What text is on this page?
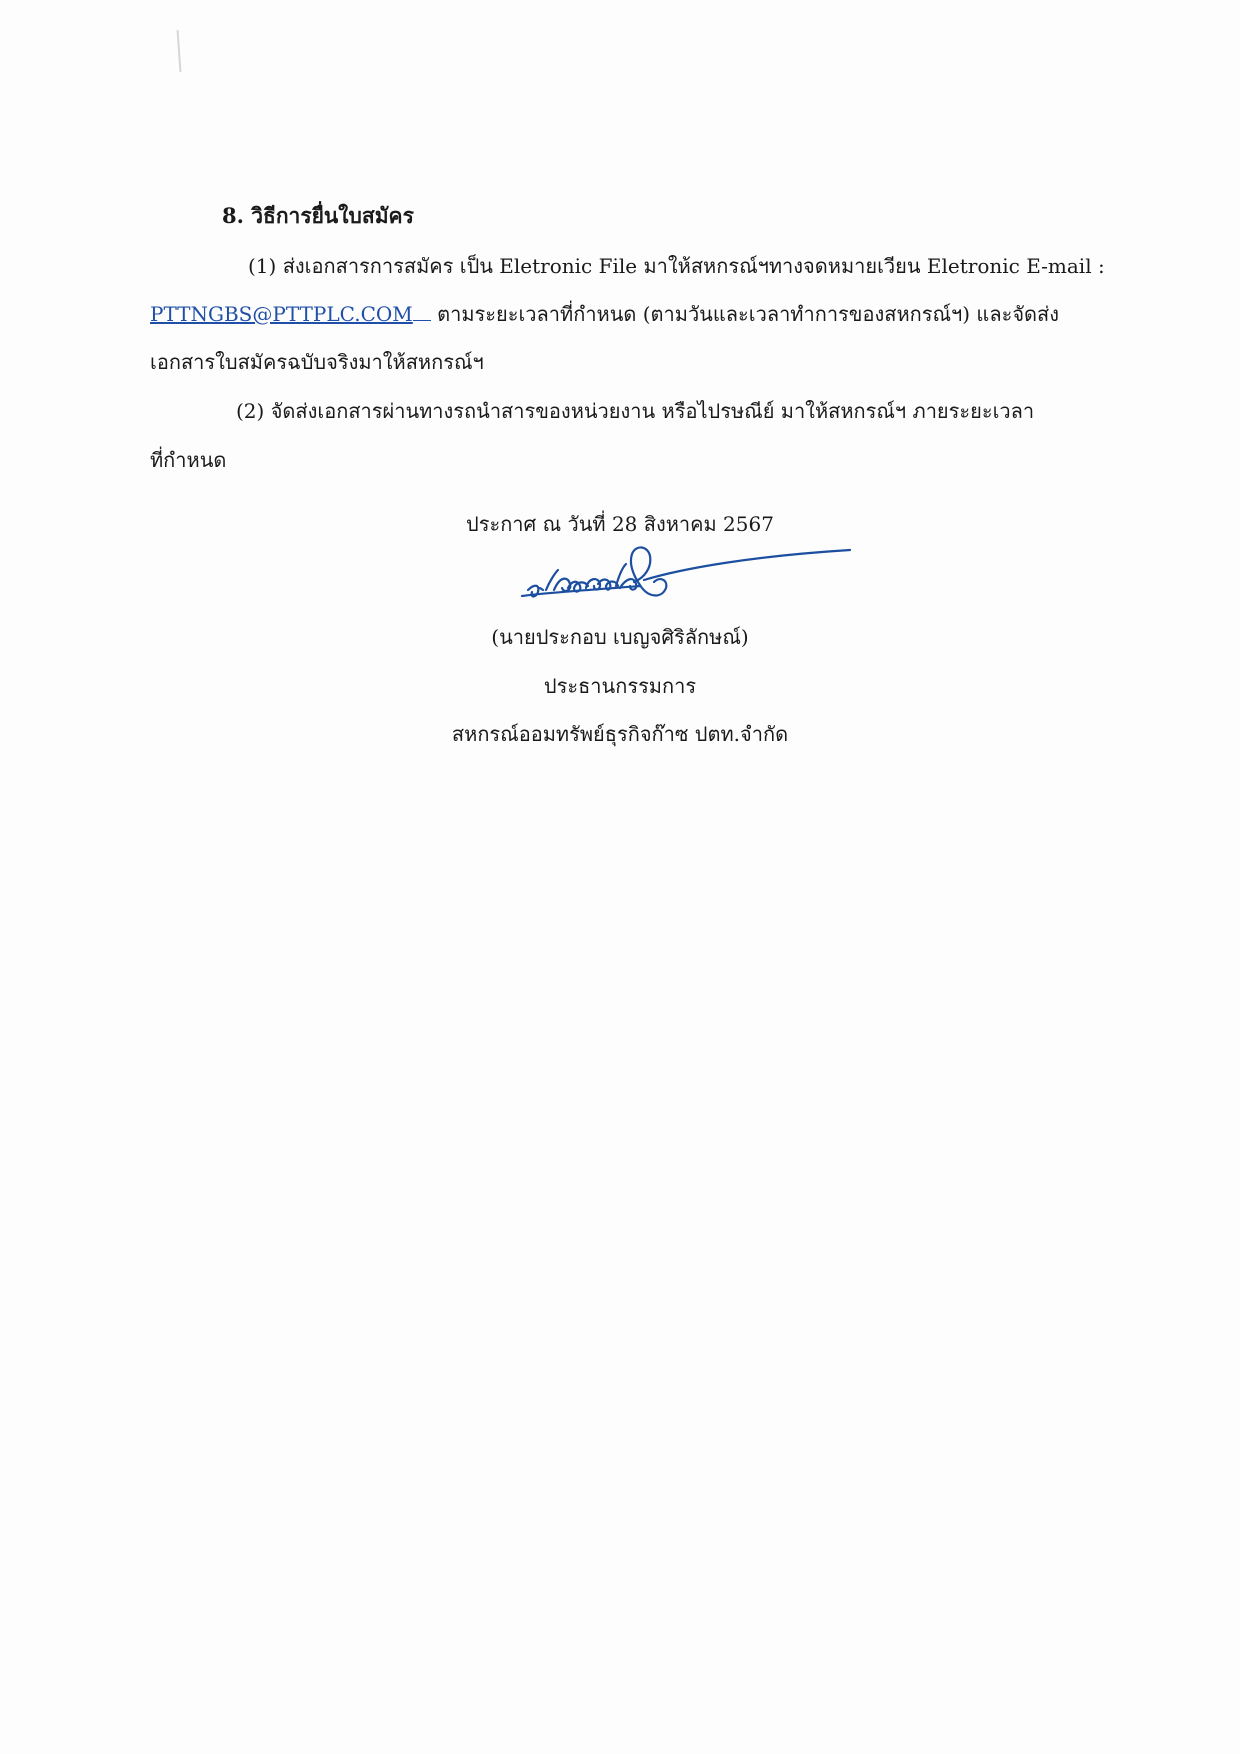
8. วิธีการยื่นใบสมัคร
(1) ส่งเอกสารการสมัคร เป็น Eletronic File มาให้สหกรณ์ฯทางจดหมายเวียน Eletronic E-mail :
PTTNGBS@PTTPLC.COM ตามระยะเวลาที่กำหนด (ตามวันและเวลาทำการของสหกรณ์ฯ) และจัดส่ง
เอกสารใบสมัครฉบับจริงมาให้สหกรณ์ฯ
(2) จัดส่งเอกสารผ่านทางรถนำสารของหน่วยงาน หรือไปรษณีย์ มาให้สหกรณ์ฯ ภายระยะเวลา
ที่กำหนด
ประกาศ ณ วันที่ 28 สิงหาคม 2567
(นายประกอบ เบญจศิริลักษณ์)
ประธานกรรมการ
สหกรณ์ออมทรัพย์ธุรกิจก๊าซ ปตท.จำกัด
